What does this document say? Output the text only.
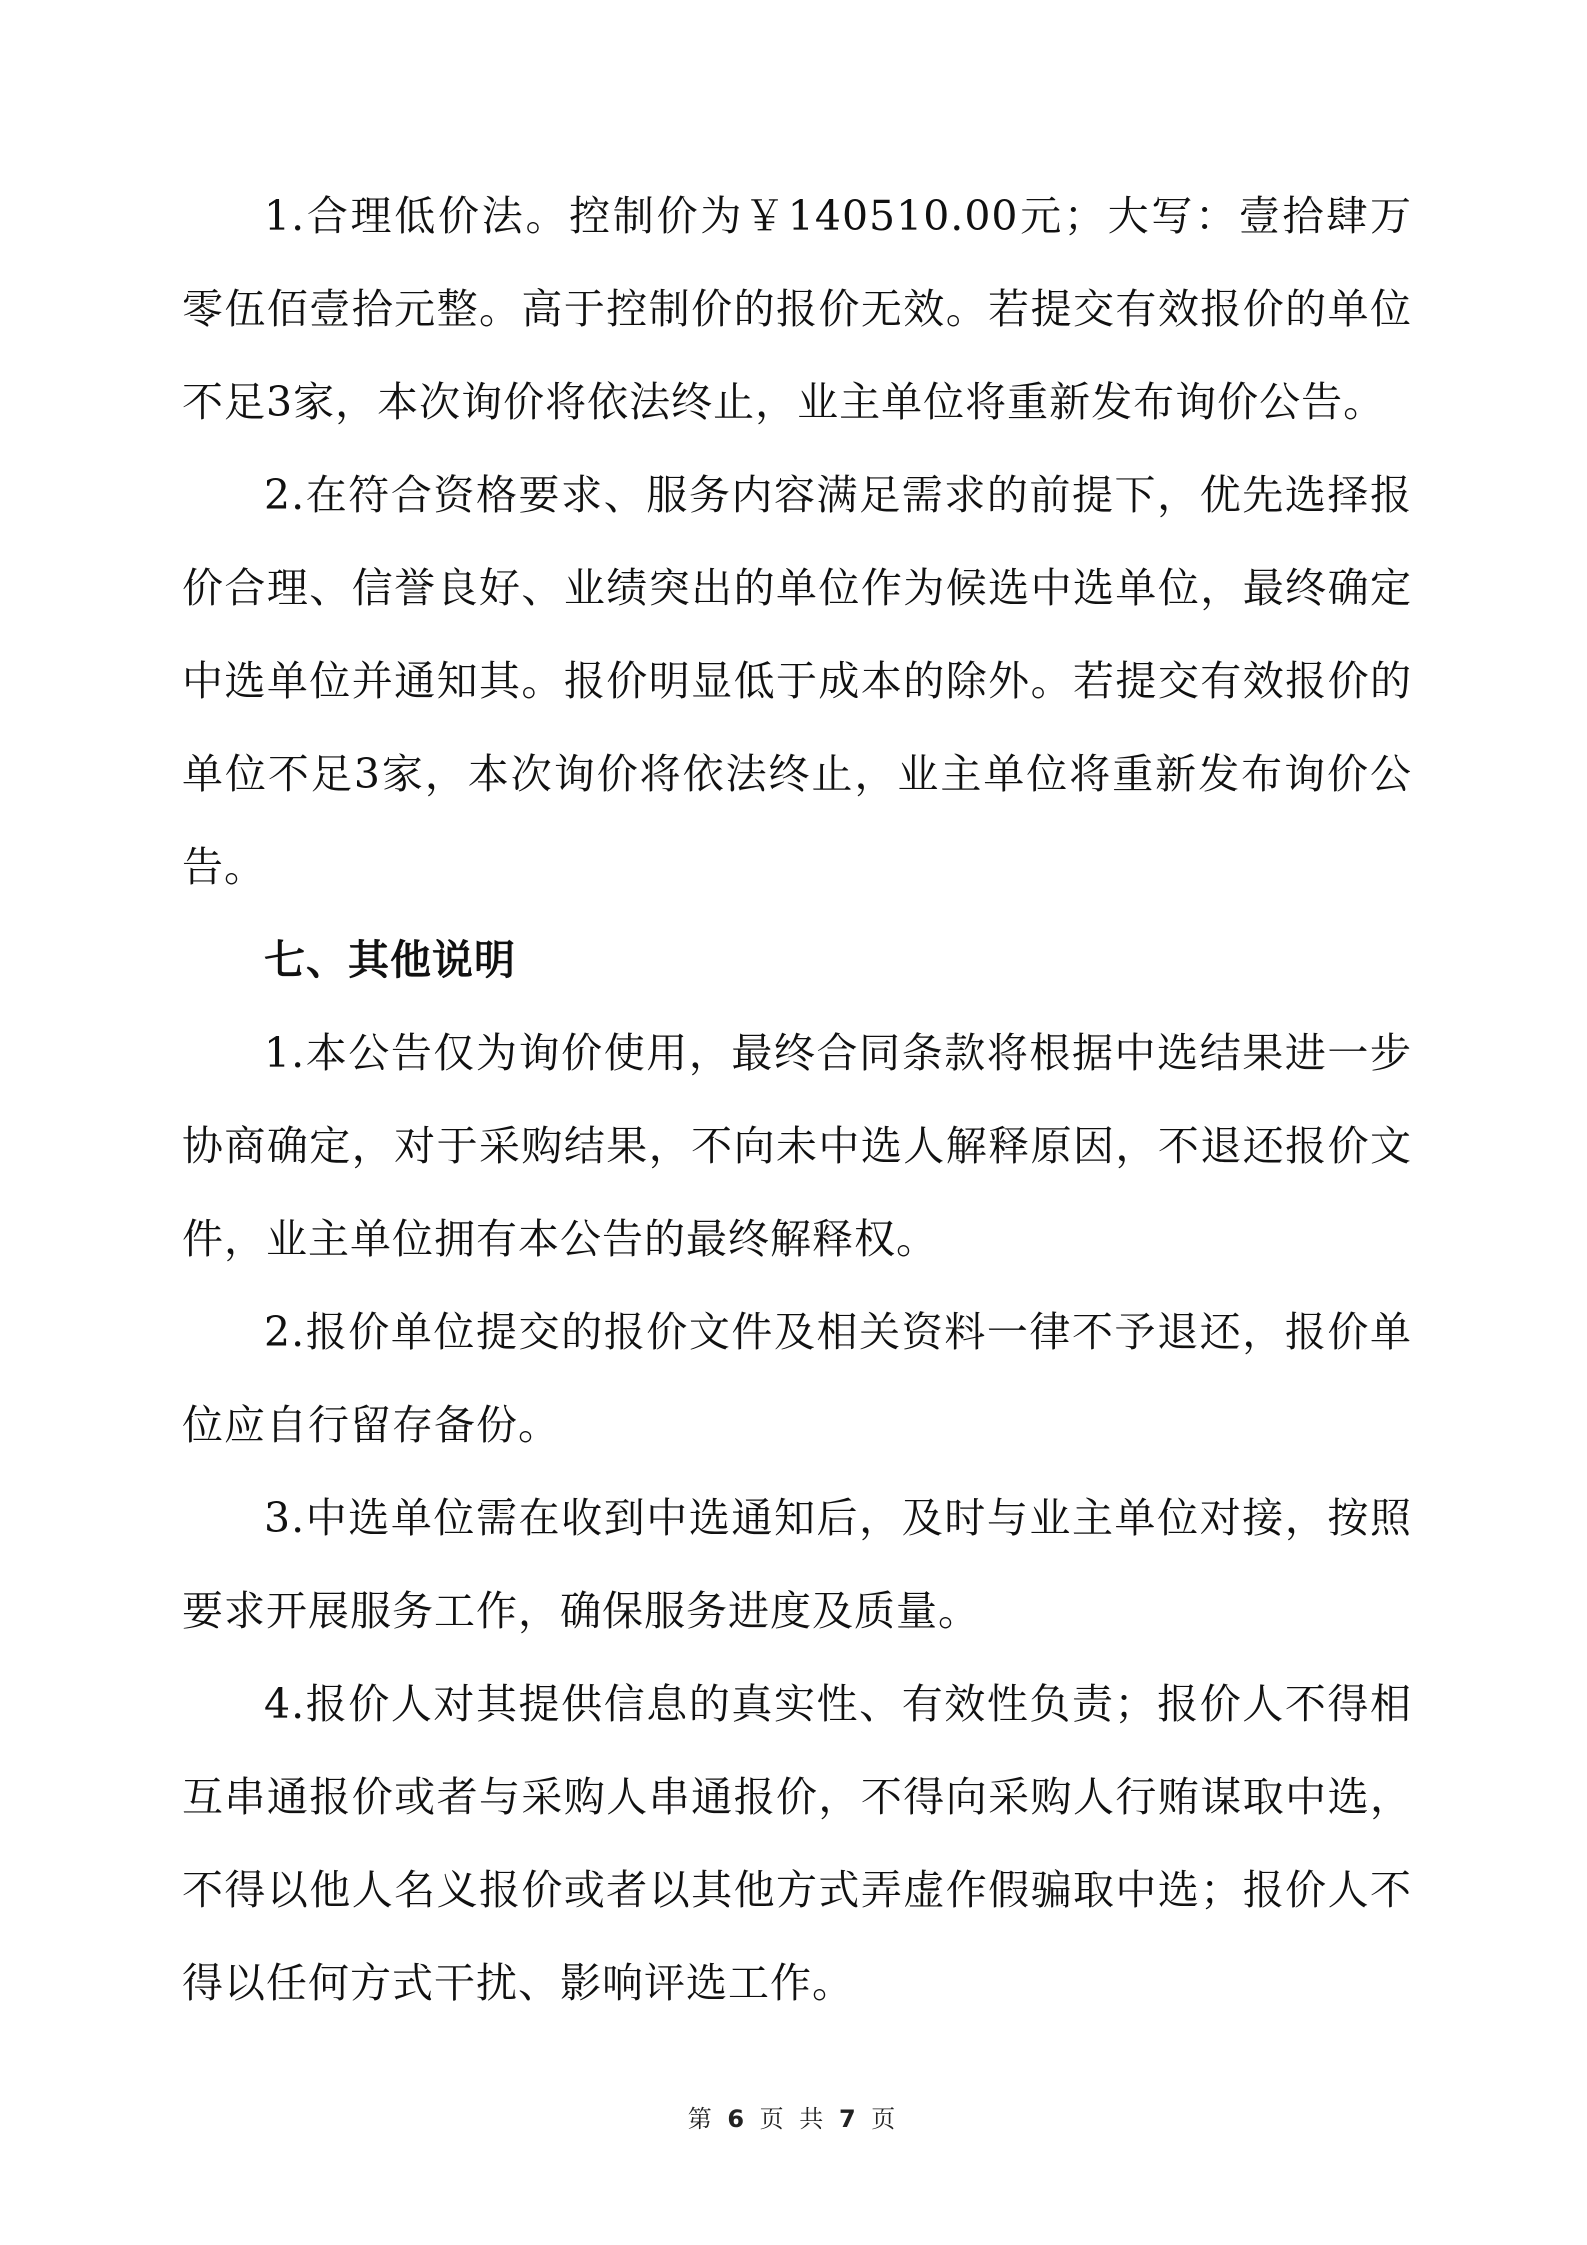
1.合理低价法。控制价为￥140510.00元；大写：壹拾肆万零伍佰壹拾元整。高于控制价的报价无效。若提交有效报价的单位不足3家，本次询价将依法终止，业主单位将重新发布询价公告。

2.在符合资格要求、服务内容满足需求的前提下，优先选择报价合理、信誉良好、业绩突出的单位作为候选中选单位，最终确定中选单位并通知其。报价明显低于成本的除外。若提交有效报价的单位不足3家，本次询价将依法终止，业主单位将重新发布询价公告。

七、其他说明

1.本公告仅为询价使用，最终合同条款将根据中选结果进一步协商确定，对于采购结果，不向未中选人解释原因，不退还报价文件，业主单位拥有本公告的最终解释权。

2.报价单位提交的报价文件及相关资料一律不予退还，报价单位应自行留存备份。

3.中选单位需在收到中选通知后，及时与业主单位对接，按照要求开展服务工作，确保服务进度及质量。

4.报价人对其提供信息的真实性、有效性负责；报价人不得相互串通报价或者与采购人串通报价，不得向采购人行贿谋取中选，不得以他人名义报价或者以其他方式弄虚作假骗取中选；报价人不得以任何方式干扰、影响评选工作。

第 6 页 共 7 页
